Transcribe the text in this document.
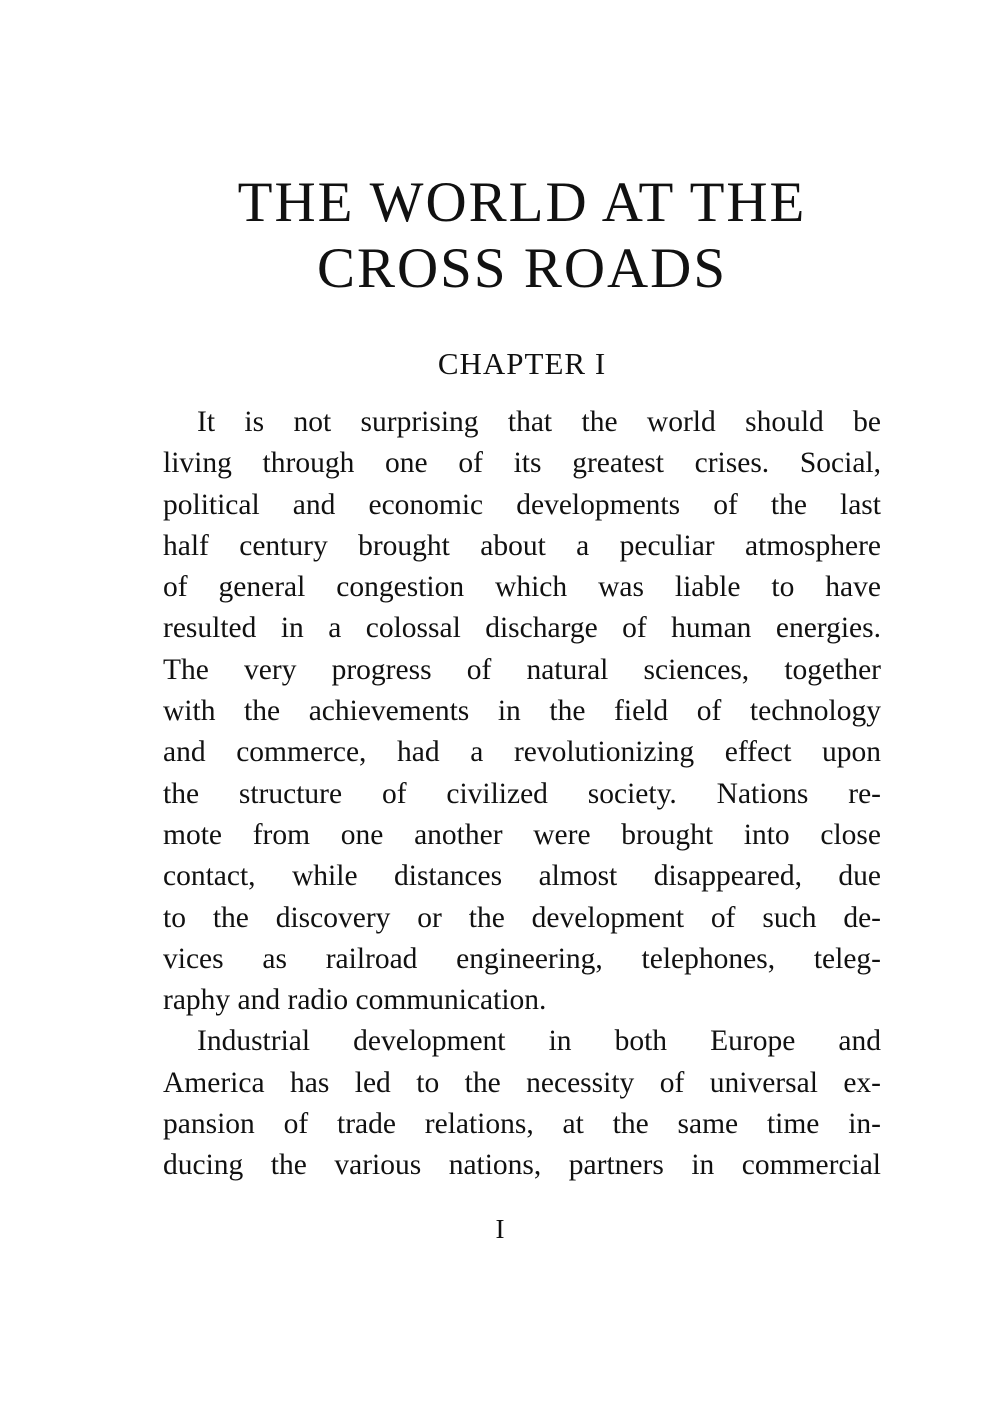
THE WORLD AT THE
CROSS ROADS
CHAPTER I

It is not surprising that the world should be
living through one of its greatest crises. Social,
political and economic developments of the last
half century brought about a peculiar atmosphere
of general congestion which was liable to have
resulted in a colossal discharge of human energies.
The very progress of natural sciences, together
with the achievements in the field of technology
and commerce, had a revolutionizing effect upon
the structure of civilized society. Nations re-
mote from one another were brought into close
contact, while distances almost disappeared, due
to the discovery or the development of such de-
vices as railroad engineering, telephones, teleg-
raphy and radio communication.

Industrial development in both Europe and
America has led to the necessity of universal ex-
pansion of trade relations, at the same time in-
ducing the various nations, partners in commercial

I
